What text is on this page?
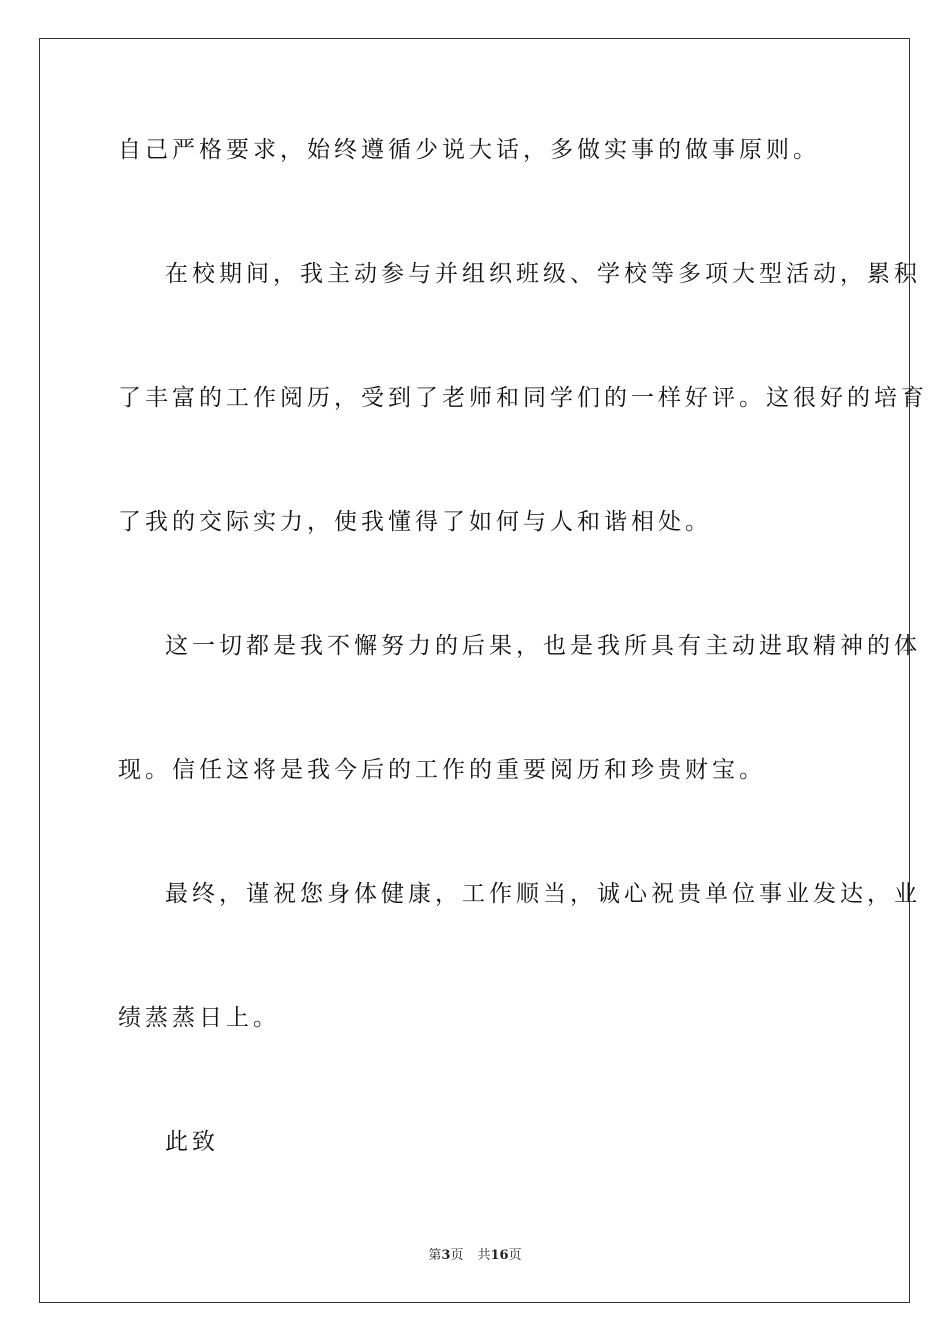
自己严格要求，始终遵循少说大话，多做实事的做事原则。
在校期间，我主动参与并组织班级、学校等多项大型活动，累积
了丰富的工作阅历，受到了老师和同学们的一样好评。这很好的培育
了我的交际实力，使我懂得了如何与人和谐相处。
这一切都是我不懈努力的后果，也是我所具有主动进取精神的体
现。信任这将是我今后的工作的重要阅历和珍贵财宝。
最终，谨祝您身体健康，工作顺当，诚心祝贵单位事业发达，业
绩蒸蒸日上。
此致
第3页 共16页
